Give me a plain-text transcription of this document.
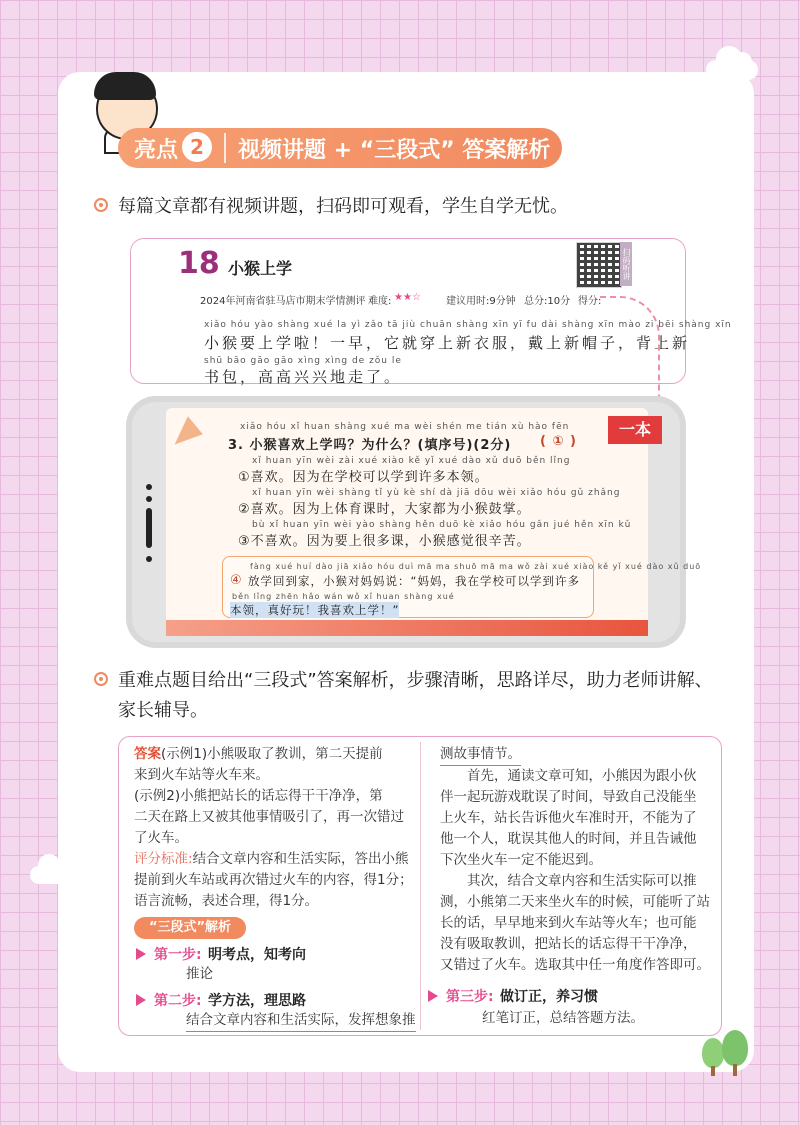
亮点 2	视频讲题 + “三段式” 答案解析
每篇文章都有视频讲题，扫码即可观看，学生自学无忧。
18 小猴上学
2024年河南省驻马店市期末学情测评 难度: ★★☆	建议用时:9分钟 总分:10分 得分:
扫码听讲
xiǎo hóu yào shàng xué la yì zǎo tā jiù chuān shàng xīn yī fu dài shàng xīn mào zi bēi shàng xīn
小猴要上学啦！一早，它就穿上新衣服，戴上新帽子，背上新
shū bāo gāo gāo xìng xìng de zǒu le
书包，高高兴兴地走了。
一本
xiǎo hóu xǐ huan shàng xué ma wèi shén me tián xù hào fēn
3. 小猴喜欢上学吗？为什么？(填序号)(2分) ( ① )
xǐ huan yīn wèi zài xué xiào kě yǐ xué dào xǔ duō běn lǐng
①喜欢。因为在学校可以学到许多本领。
xǐ huan yīn wèi shàng tǐ yù kè shí dà jiā dōu wèi xiǎo hóu gǔ zhǎng
②喜欢。因为上体育课时，大家都为小猴鼓掌。
bù xǐ huan yīn wèi yào shàng hěn duō kè xiǎo hóu gǎn jué hěn xīn kǔ
③不喜欢。因为要上很多课，小猴感觉很辛苦。
fàng xué huí dào jiā xiǎo hóu duì mā ma shuō mā ma wǒ zài xué xiào kě yǐ xué dào xǔ duō
④ 放学回到家，小猴对妈妈说：“妈妈，我在学校可以学到许多
běn lǐng zhēn hǎo wán wǒ xǐ huan shàng xué
本领，真好玩！我喜欢上学！”
重难点题目给出“三段式”答案解析，步骤清晰，思路详尽，助力老师讲解、家长辅导。
答案(示例1)小熊吸取了教训，第二天提前
来到火车站等火车来。
(示例2)小熊把站长的话忘得干干净净，第
二天在路上又被其他事情吸引了，再一次错过
了火车。
评分标准:结合文章内容和生活实际，答出小熊
提前到火车站或再次错过火车的内容，得1分；
语言流畅，表述合理，得1分。
“三段式”解析
第一步: 明考点，知考向
推论
第二步: 学方法，理思路
结合文章内容和生活实际，发挥想象推
测故事情节。
首先，通读文章可知，小熊因为跟小伙
伴一起玩游戏耽误了时间，导致自己没能坐
上火车，站长告诉他火车准时开，不能为了
他一个人，耽误其他人的时间，并且告诫他
下次坐火车一定不能迟到。
其次，结合文章内容和生活实际可以推
测，小熊第二天来坐火车的时候，可能听了站
长的话，早早地来到火车站等火车；也可能
没有吸取教训，把站长的话忘得干干净净，
又错过了火车。选取其中任一角度作答即可。
第三步: 做订正，养习惯
红笔订正，总结答题方法。
